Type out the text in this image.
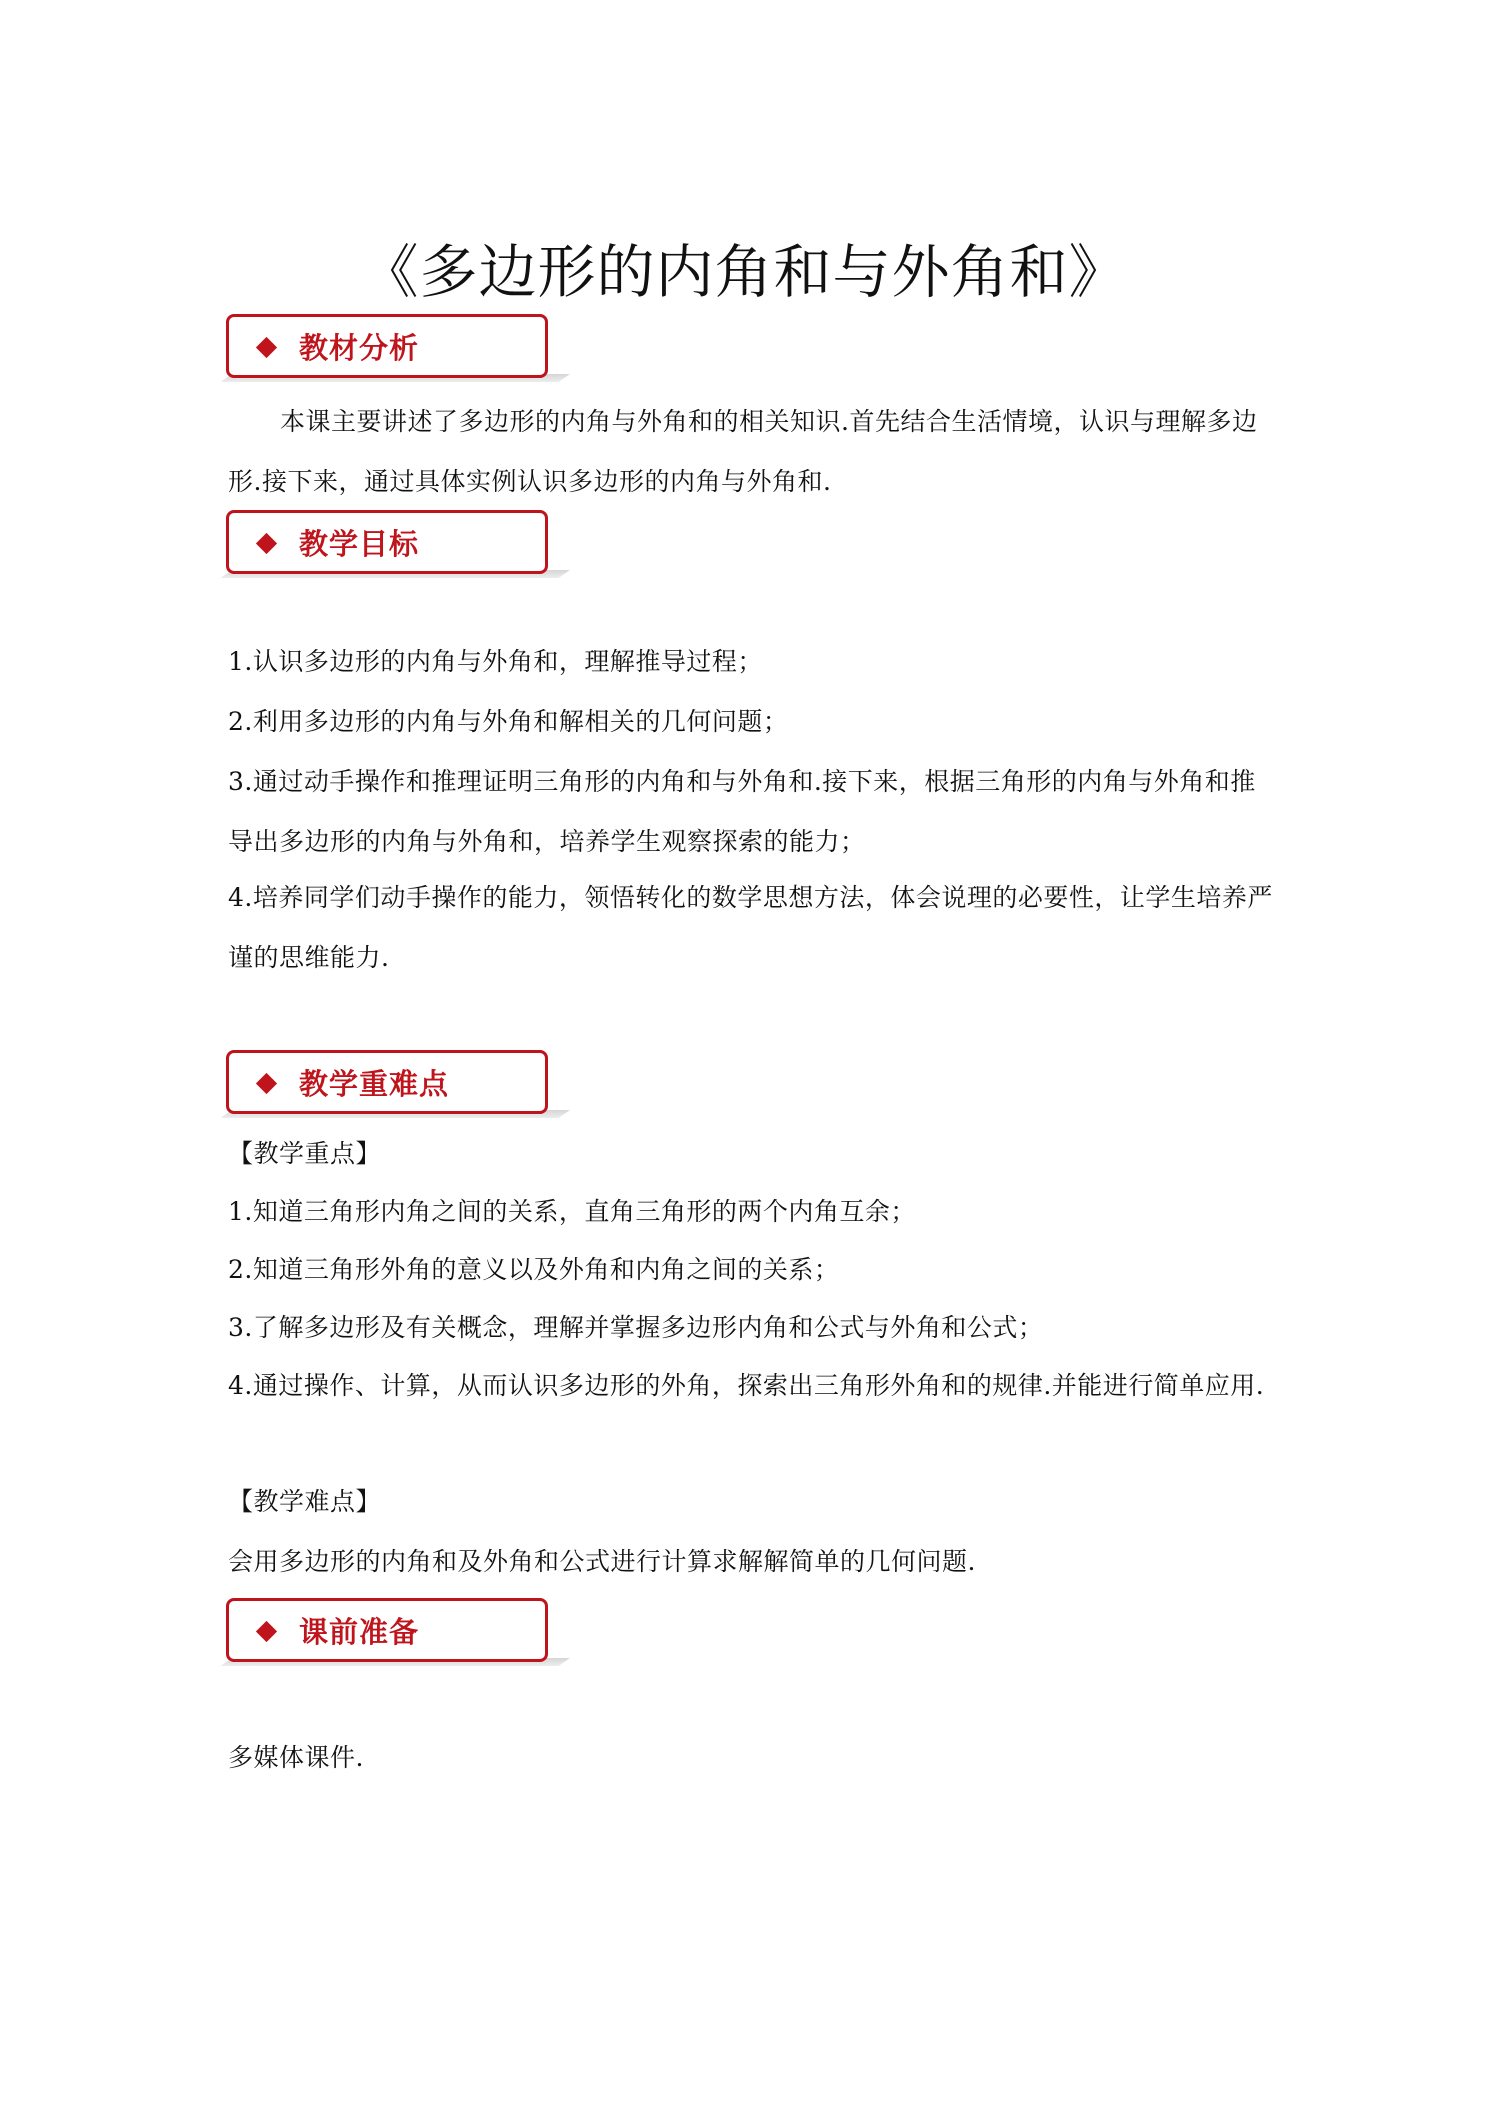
《多边形的内角和与外角和》
教材分析
本课主要讲述了多边形的内角与外角和的相关知识.首先结合生活情境，认识与理解多边形.接下来，通过具体实例认识多边形的内角与外角和.
教学目标
1.认识多边形的内角与外角和，理解推导过程；
2.利用多边形的内角与外角和解相关的几何问题；
3.通过动手操作和推理证明三角形的内角和与外角和.接下来，根据三角形的内角与外角和推导出多边形的内角与外角和，培养学生观察探索的能力；
4.培养同学们动手操作的能力，领悟转化的数学思想方法，体会说理的必要性，让学生培养严谨的思维能力.
教学重难点
【教学重点】
1.知道三角形内角之间的关系，直角三角形的两个内角互余；
2.知道三角形外角的意义以及外角和内角之间的关系；
3.了解多边形及有关概念，理解并掌握多边形内角和公式与外角和公式；
4.通过操作、计算，从而认识多边形的外角，探索出三角形外角和的规律.并能进行简单应用.
【教学难点】
会用多边形的内角和及外角和公式进行计算求解解简单的几何问题.
课前准备
多媒体课件.
